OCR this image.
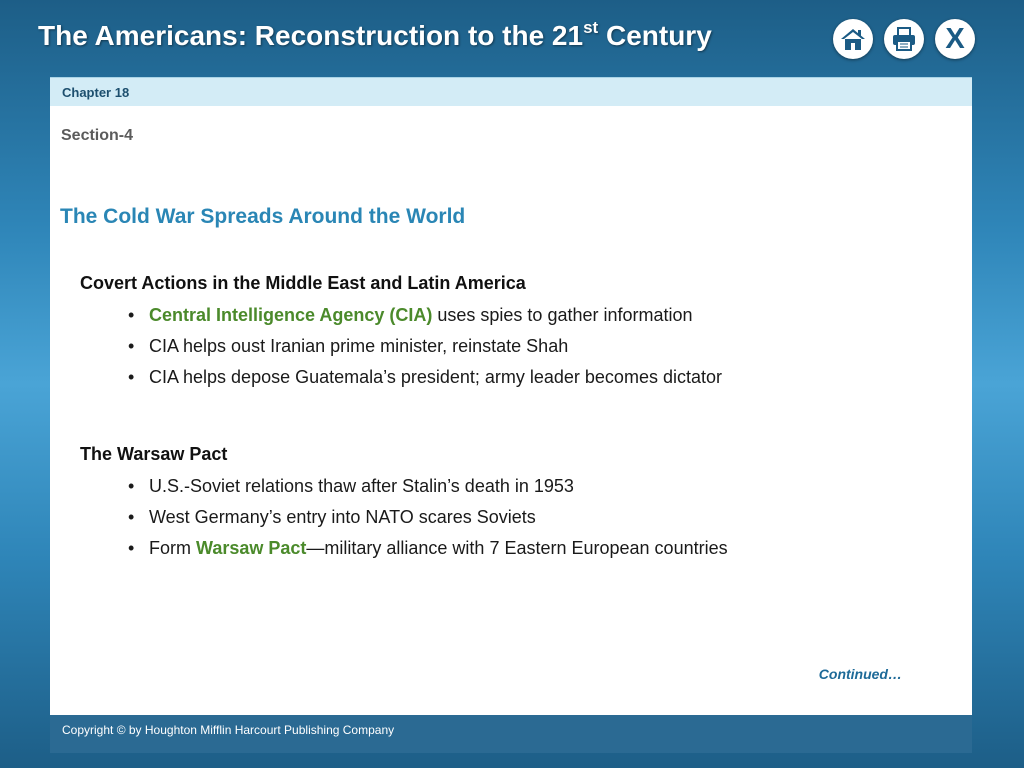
The Americans: Reconstruction to the 21st Century	X
Chapter 18
Section-4
The Cold War Spreads Around the World
Covert Actions in the Middle East and Latin America
• Central Intelligence Agency (CIA) uses spies to gather information
• CIA helps oust Iranian prime minister, reinstate Shah
• CIA helps depose Guatemala’s president; army leader becomes dictator
The Warsaw Pact
• U.S.-Soviet relations thaw after Stalin’s death in 1953
• West Germany’s entry into NATO scares Soviets
• Form Warsaw Pact—military alliance with 7 Eastern European countries
Continued…
Copyright © by Houghton Mifflin Harcourt Publishing Company
